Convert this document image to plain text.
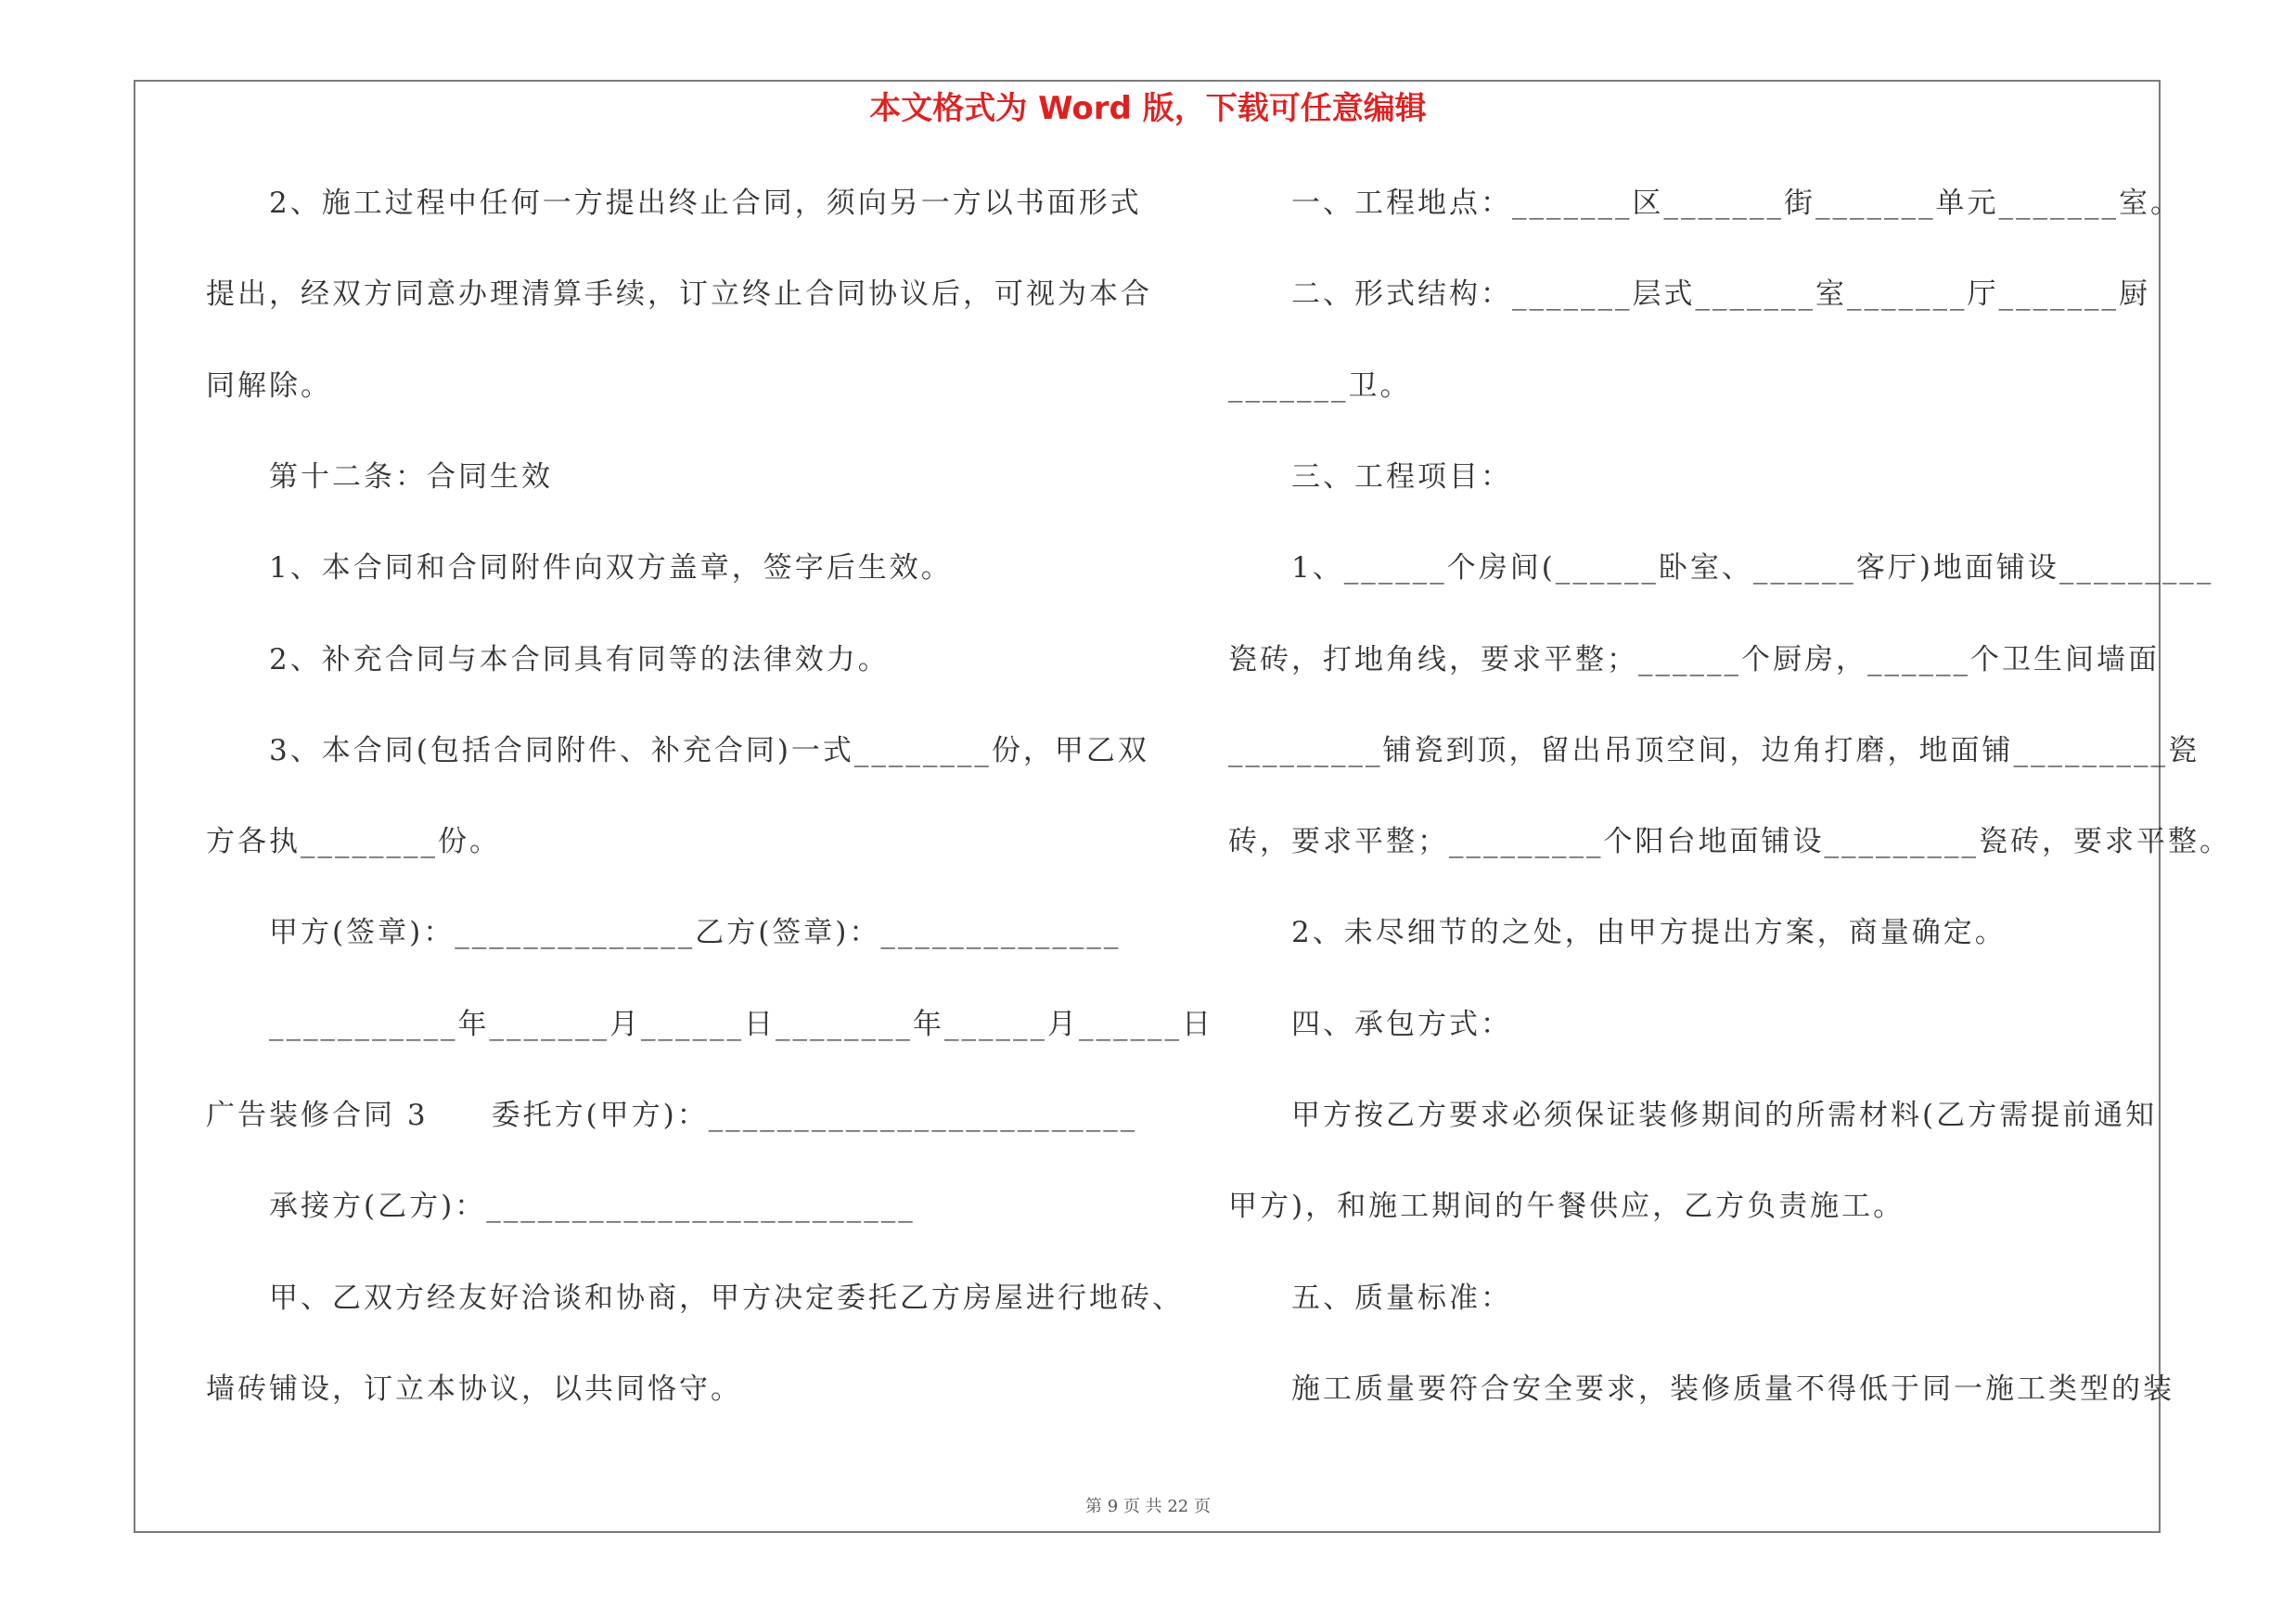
本文格式为 Word 版，下载可任意编辑
　　2、施工过程中任何一方提出终止合同，须向另一方以书面形式
提出，经双方同意办理清算手续，订立终止合同协议后，可视为本合
同解除。
　　第十二条：合同生效
　　1、本合同和合同附件向双方盖章，签字后生效。
　　2、补充合同与本合同具有同等的法律效力。
　　3、本合同(包括合同附件、补充合同)一式________份，甲乙双
方各执________份。
　　甲方(签章)：______________乙方(签章)：______________
　　___________年_______月______日________年______月______日
广告装修合同 3　　委托方(甲方)：_________________________
　　承接方(乙方)：_________________________
　　甲、乙双方经友好洽谈和协商，甲方决定委托乙方房屋进行地砖、
墙砖铺设，订立本协议，以共同恪守。
　　一、工程地点：_______区_______街_______单元_______室。
　　二、形式结构：_______层式_______室_______厅_______厨
_______卫。
　　三、工程项目：
　　1、______个房间(______卧室、______客厅)地面铺设_________
瓷砖，打地角线，要求平整；______个厨房，______个卫生间墙面
_________铺瓷到顶，留出吊顶空间，边角打磨，地面铺_________瓷
砖，要求平整；_________个阳台地面铺设_________瓷砖，要求平整。
　　2、未尽细节的之处，由甲方提出方案，商量确定。
　　四、承包方式：
　　甲方按乙方要求必须保证装修期间的所需材料(乙方需提前通知
甲方)，和施工期间的午餐供应，乙方负责施工。
　　五、质量标准：
　　施工质量要符合安全要求，装修质量不得低于同一施工类型的装
第 9 页 共 22 页
